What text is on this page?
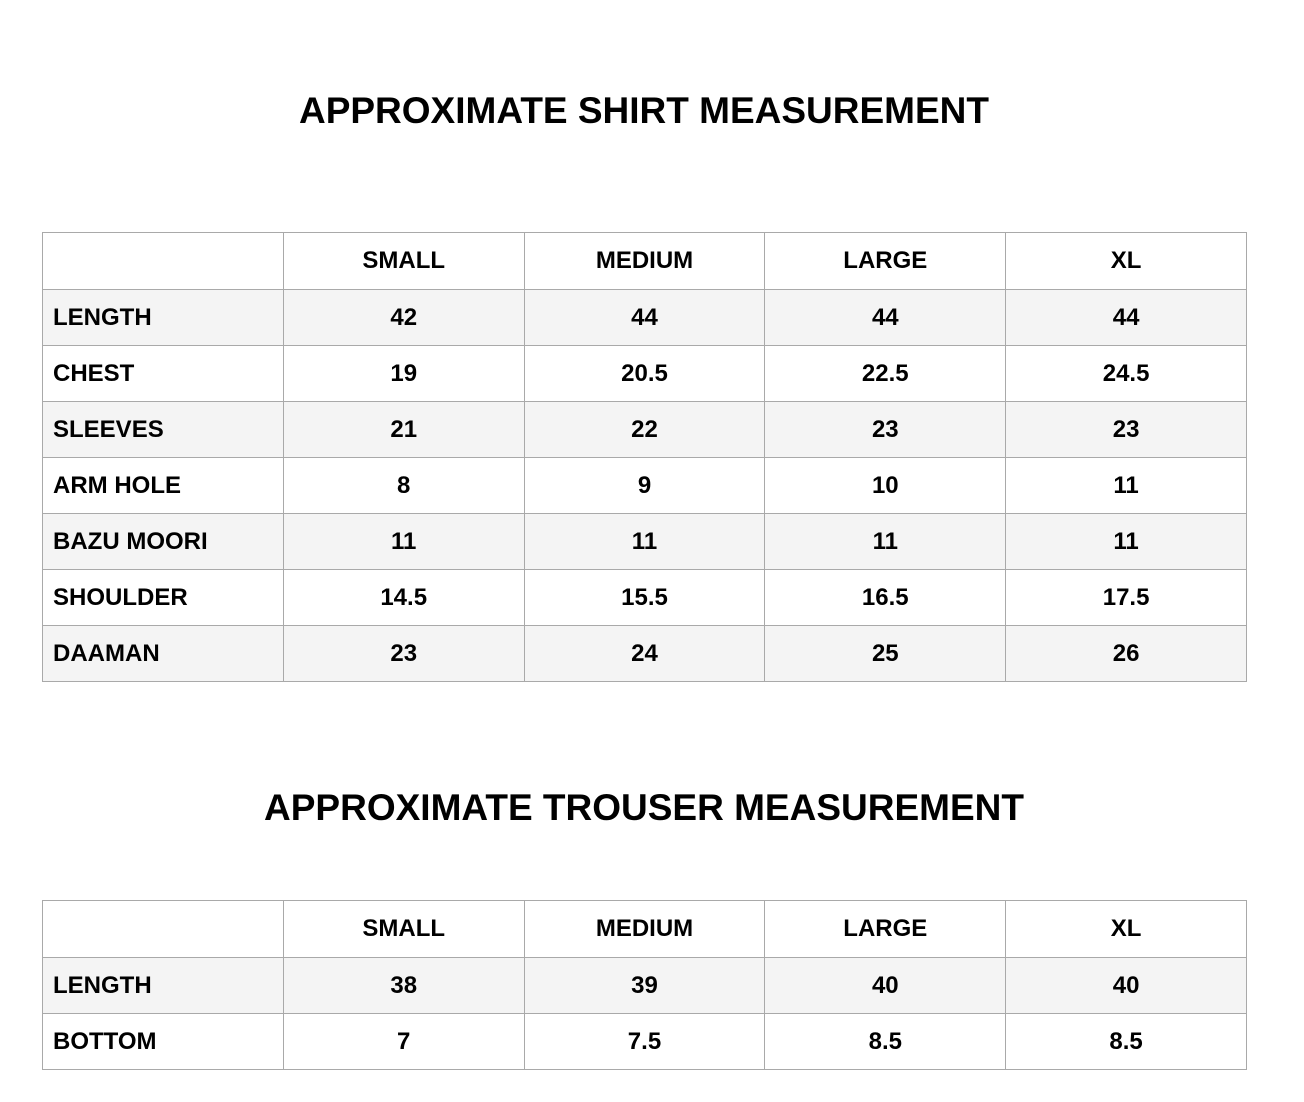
APPROXIMATE SHIRT MEASUREMENT
	SMALL	MEDIUM	LARGE	XL
LENGTH	42	44	44	44
CHEST	19	20.5	22.5	24.5
SLEEVES	21	22	23	23
ARM HOLE	8	9	10	11
BAZU MOORI	11	11	11	11
SHOULDER	14.5	15.5	16.5	17.5
DAAMAN	23	24	25	26
APPROXIMATE TROUSER MEASUREMENT
	SMALL	MEDIUM	LARGE	XL
LENGTH	38	39	40	40
BOTTOM	7	7.5	8.5	8.5
